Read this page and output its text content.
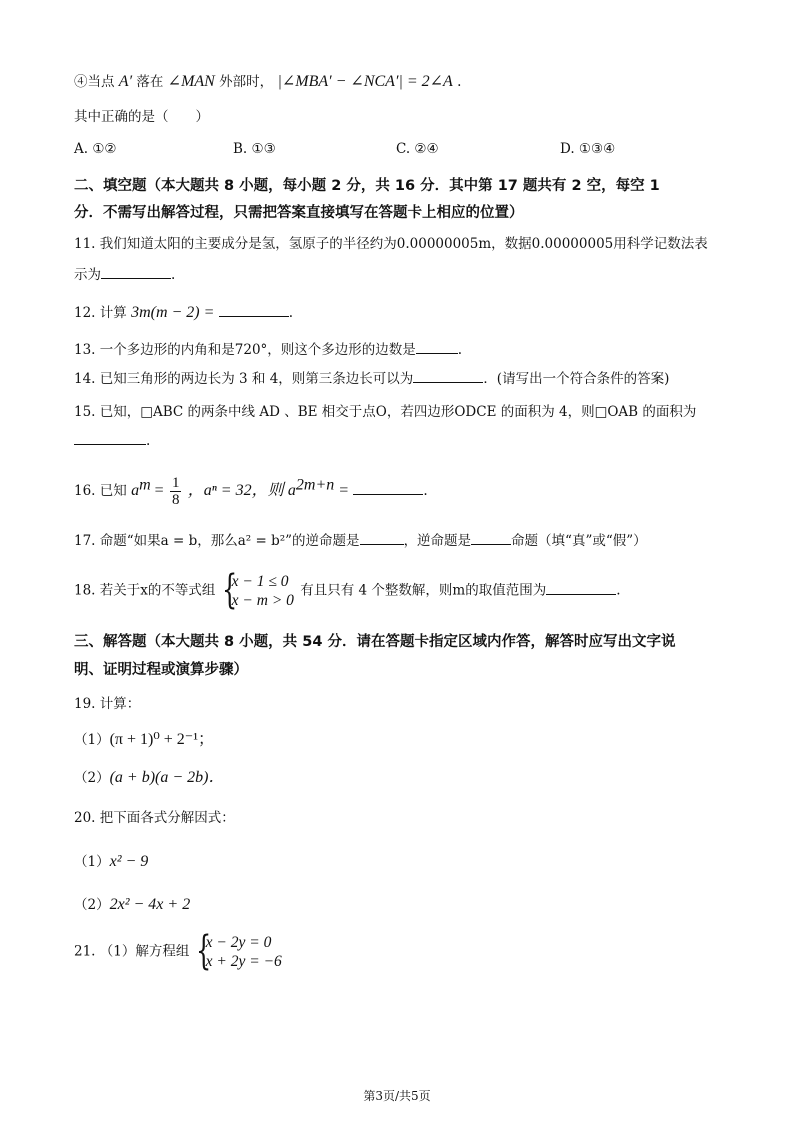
④当点 A′ 落在 ∠MAN 外部时， |∠MBA′ − ∠NCA′| = 2∠A .
其中正确的是（　　）
A. ①②	B. ①③	C. ②④	D. ①③④
二、填空题（本大题共 8 小题，每小题 2 分，共 16 分．其中第 17 题共有 2 空，每空 1
分．不需写出解答过程，只需把答案直接填写在答题卡上相应的位置）
11. 我们知道太阳的主要成分是氢，氢原子的半径约为0.00000005m，数据0.00000005用科学记数法表
示为	.
12. 计算 3m(m − 2) =	.
13. 一个多边形的内角和是720°，则这个多边形的边数是	.
14. 已知三角形的两边长为 3 和 4，则第三条边长可以为	．(请写出一个符合条件的答案)
15. 已知，□ABC 的两条中线 AD 、BE 相交于点O，若四边形ODCE 的面积为 4，则□OAB 的面积为
.
16. 已知 $a^m = \frac{1}{8}$ ，aⁿ = 32，则 $a^{2m+n}$ =	.
17. 命题“如果a = b，那么a² = b²”的逆命题是	，逆命题是	命题（填“真”或“假”）
18. 若关于x的不等式组 {
x − 1 ≤ 0
x − m > 0
有且只有 4 个整数解，则m的取值范围为	.
三、解答题（本大题共 8 小题，共 54 分．请在答题卡指定区域内作答，解答时应写出文字说
明、证明过程或演算步骤）
19. 计算：
（1）(π + 1)⁰ + 2⁻¹；
（2）(a + b)(a − 2b)．
20. 把下面各式分解因式：
（1）x² − 9
（2）2x² − 4x + 2
21. （1）解方程组 {
x − 2y = 0
x + 2y = −6
第3页/共5页
